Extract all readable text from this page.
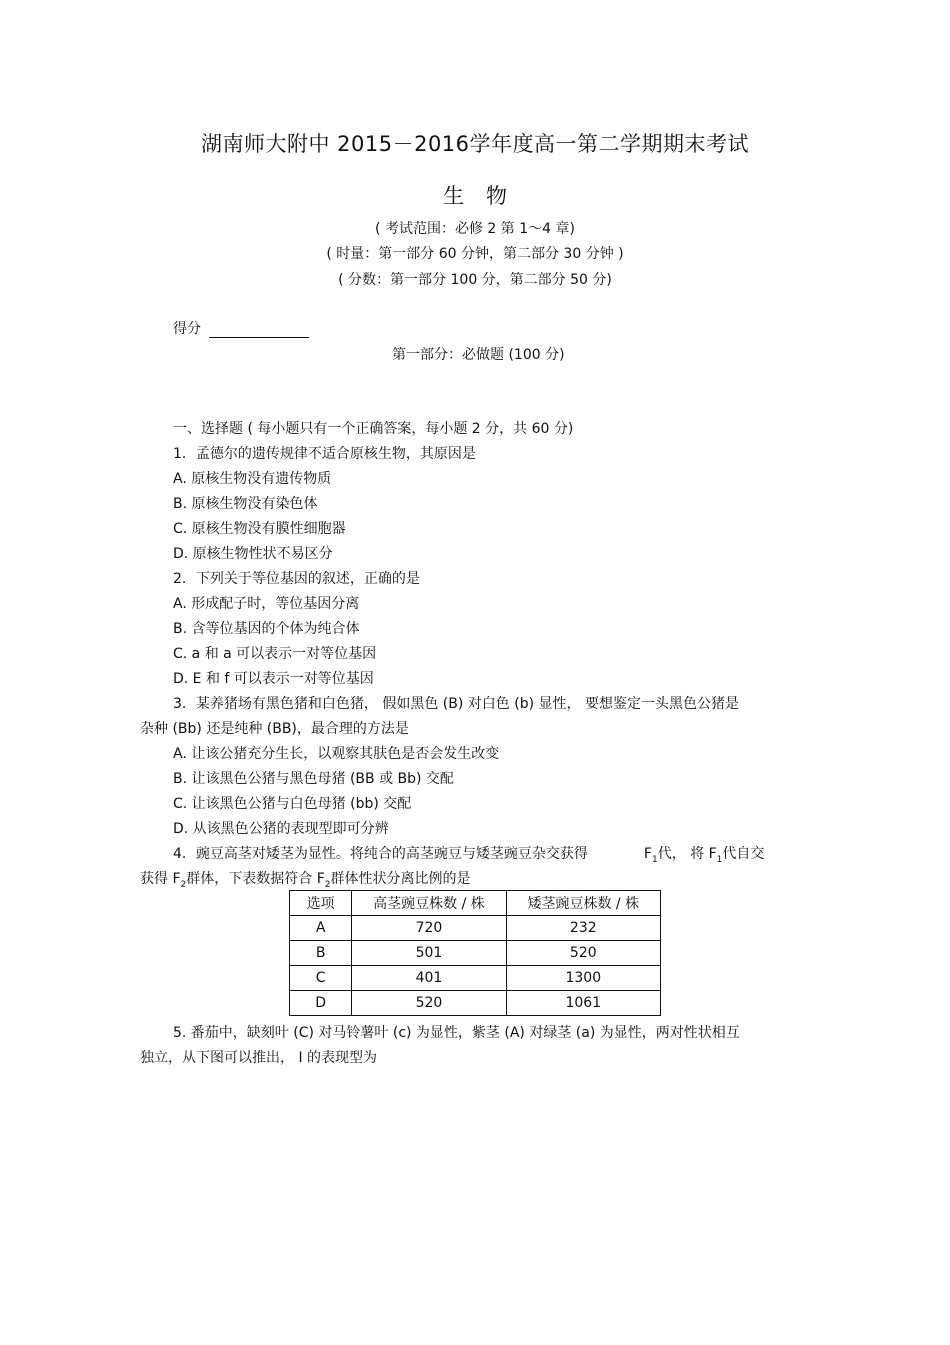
湖南师大附中 2015－2016学年度高一第二学期期末考试
生物
( 考试范围：必修 2 第 1～4 章)
( 时量：第一部分 60 分钟，第二部分 30 分钟 )
( 分数：第一部分 100 分，第二部分 50 分)
得分
第一部分：必做题 (100 分)
一、选择题 ( 每小题只有一个正确答案，每小题 2 分，共 60 分)
1．孟德尔的遗传规律不适合原核生物，其原因是
A. 原核生物没有遗传物质
B. 原核生物没有染色体
C. 原核生物没有膜性细胞器
D. 原核生物性状不易区分
2．下列关于等位基因的叙述，正确的是
A. 形成配子时，等位基因分离
B. 含等位基因的个体为纯合体
C. a 和 a 可以表示一对等位基因
D. E 和 f 可以表示一对等位基因
3．某养猪场有黑色猪和白色猪， 假如黑色 (B) 对白色 (b) 显性， 要想鉴定一头黑色公猪是
杂种 (Bb) 还是纯种 (BB)，最合理的方法是
A. 让该公猪充分生长，以观察其肤色是否会发生改变
B. 让该黑色公猪与黑色母猪 (BB 或 Bb) 交配
C. 让该黑色公猪与白色母猪 (bb) 交配
D. 从该黑色公猪的表现型即可分辨
4．豌豆高茎对矮茎为显性。将纯合的高茎豌豆与矮茎豌豆杂交获得	$F_1$代， 将 $F_1$代自交
获得 $F_2$群体，下表数据符合 $F_2$群体性状分离比例的是
选项	高茎豌豆株数 / 株	矮茎豌豆株数 / 株
A	720	232
B	501	520
C	401	1300
D	520	1061
5. 番茄中，缺刻叶 (C) 对马铃薯叶 (c) 为显性，紫茎 (A) 对绿茎 (a) 为显性，两对性状相互
独立，从下图可以推出， Ⅰ 的表现型为
